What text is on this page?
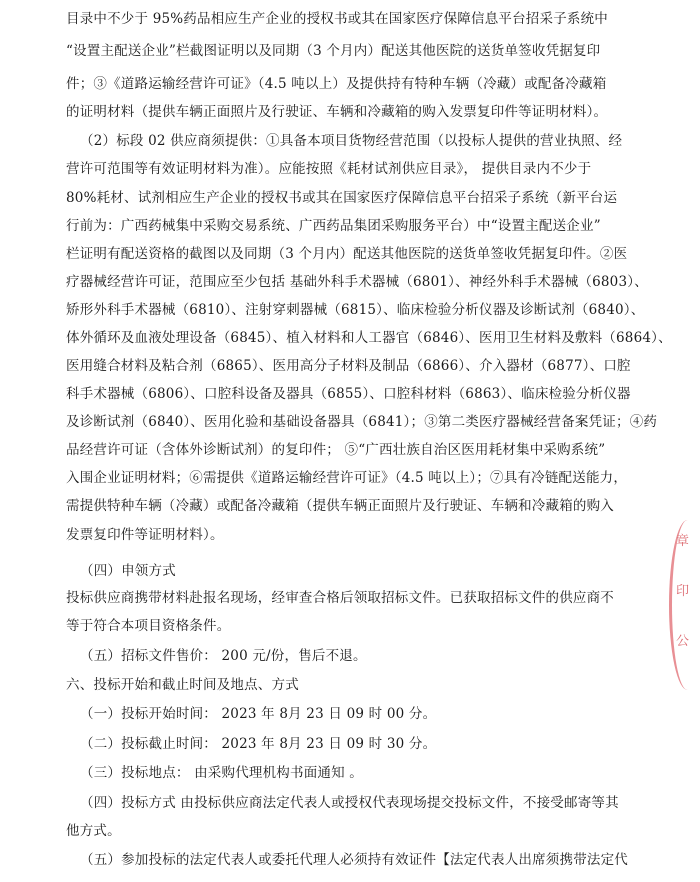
目录中不少于 95%药品相应生产企业的授权书或其在国家医疗保障信息平台招采子系统中
“设置主配送企业”栏截图证明以及同期（3 个月内）配送其他医院的送货单签收凭据复印
件；③《道路运输经营许可证》（4.5 吨以上）及提供持有特种车辆（冷藏）或配备冷藏箱
的证明材料（提供车辆正面照片及行驶证、车辆和冷藏箱的购入发票复印件等证明材料）。
（2）标段 02 供应商须提供：①具备本项目货物经营范围（以投标人提供的营业执照、经
营许可范围等有效证明材料为准）。应能按照《耗材试剂供应目录》， 提供目录内不少于
80%耗材、试剂相应生产企业的授权书或其在国家医疗保障信息平台招采子系统（新平台运
行前为：广西药械集中采购交易系统、广西药品集团采购服务平台）中“设置主配送企业”
栏证明有配送资格的截图以及同期（3 个月内）配送其他医院的送货单签收凭据复印件。②医
疗器械经营许可证，范围应至少包括 基础外科手术器械（6801）、神经外科手术器械（6803）、
矫形外科手术器械（6810）、注射穿刺器械（6815）、临床检验分析仪器及诊断试剂（6840）、
体外循环及血液处理设备（6845）、植入材料和人工器官（6846）、医用卫生材料及敷料（6864）、
医用缝合材料及粘合剂（6865）、医用高分子材料及制品（6866）、介入器材（6877）、口腔
科手术器械（6806）、口腔科设备及器具（6855）、口腔科材料（6863）、临床检验分析仪器
及诊断试剂（6840）、医用化验和基础设备器具（6841）；③第二类医疗器械经营备案凭证；④药
品经营许可证（含体外诊断试剂）的复印件； ⑤“广西壮族自治区医用耗材集中采购系统”
入围企业证明材料；⑥需提供《道路运输经营许可证》（4.5 吨以上）；⑦具有冷链配送能力，
需提供特种车辆（冷藏）或配备冷藏箱（提供车辆正面照片及行驶证、车辆和冷藏箱的购入
发票复印件等证明材料）。
（四）申领方式
投标供应商携带材料赴报名现场，经审查合格后领取招标文件。已获取招标文件的供应商不
等于符合本项目资格条件。
（五）招标文件售价： 200 元/份，售后不退。
六、投标开始和截止时间及地点、方式
（一）投标开始时间： 2023 年 8月 23 日 09 时 00 分。
（二）投标截止时间： 2023 年 8月 23 日 09 时 30 分。
（三）投标地点： 由采购代理机构书面通知 。
（四）投标方式 由投标供应商法定代表人或授权代表现场提交投标文件，不接受邮寄等其
他方式。
（五）参加投标的法定代表人或委托代理人必须持有效证件【法定代表人出席须携带法定代
章
印
公
